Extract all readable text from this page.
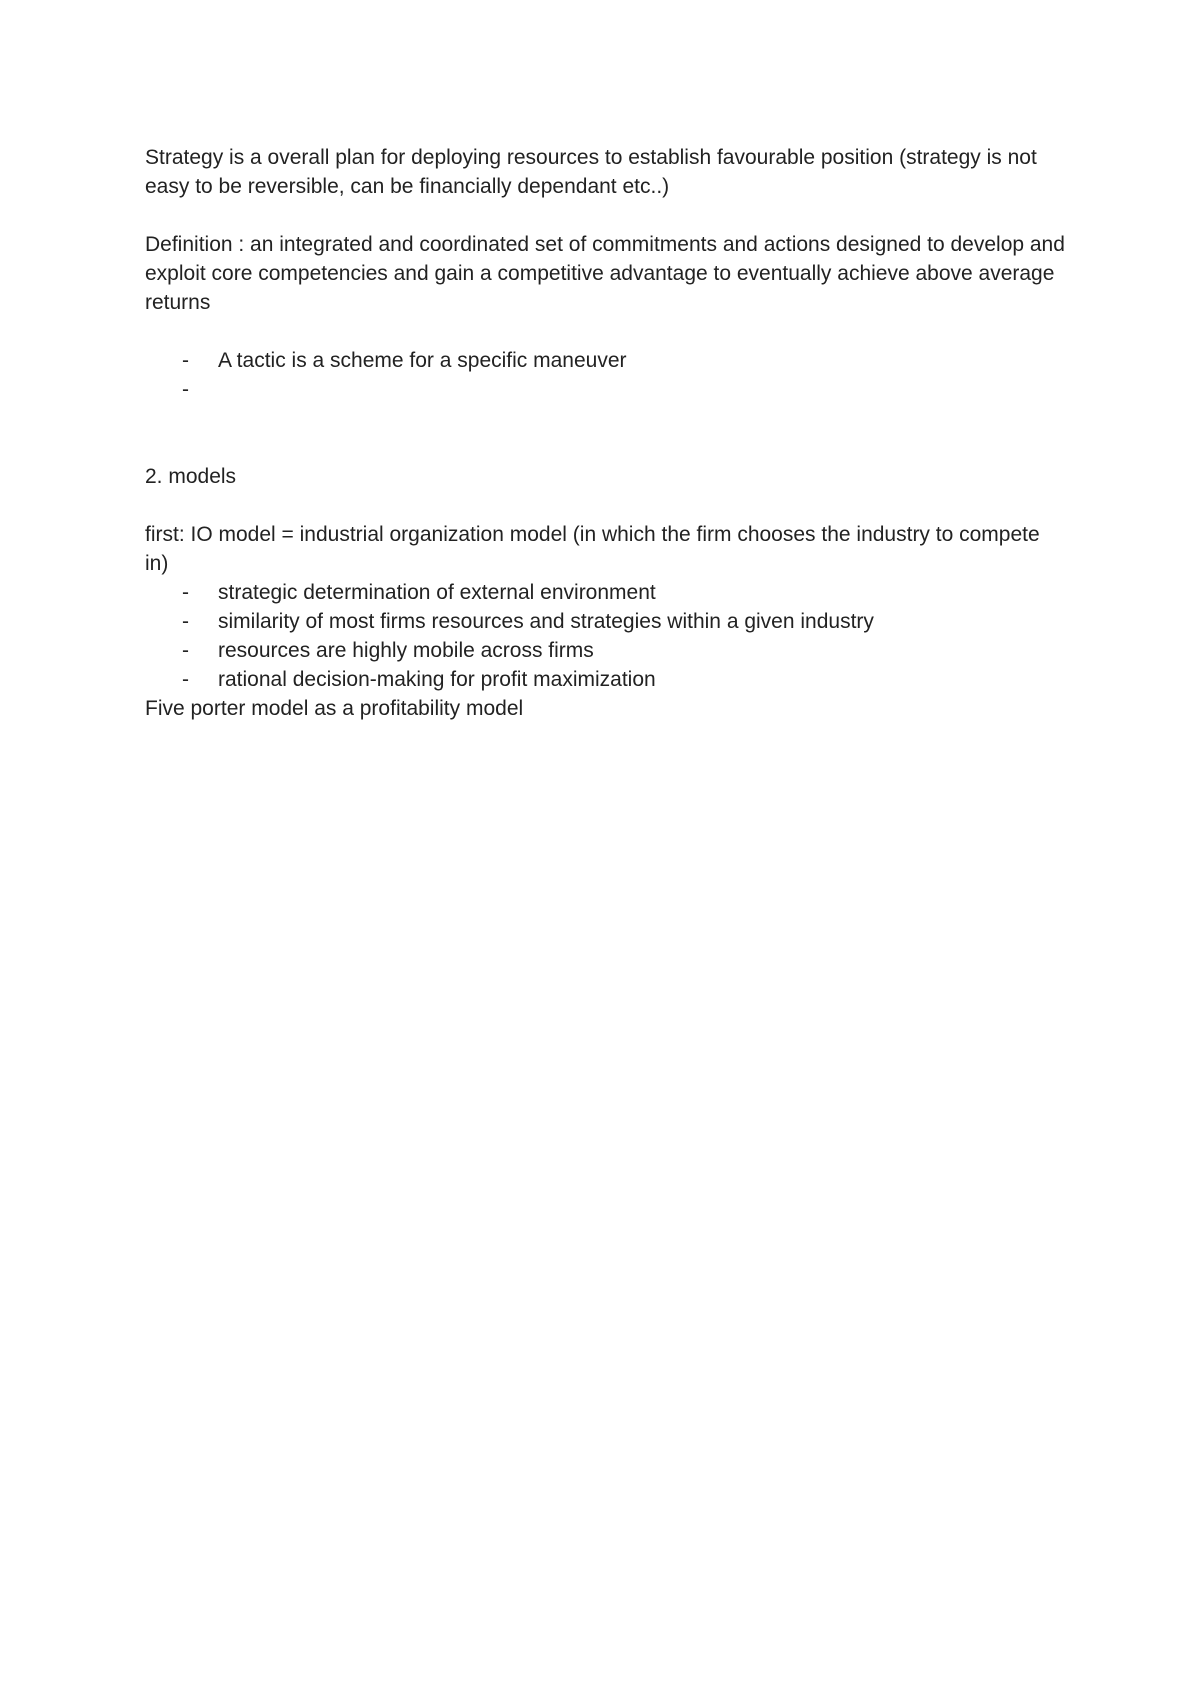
Strategy is a overall plan for deploying resources to establish favourable position (strategy is not easy to be reversible, can be financially dependant etc..)

Definition : an integrated and coordinated set of commitments and actions designed to develop and exploit core competencies and gain a competitive advantage to eventually achieve above average returns

- A tactic is a scheme for a specific maneuver
-

2. models

first: IO model = industrial organization model (in which the firm chooses the industry to compete in)

- strategic determination of external environment
- similarity of most firms resources and strategies within a given industry
- resources are highly mobile across firms
- rational decision-making for profit maximization

Five porter model as a profitability model
